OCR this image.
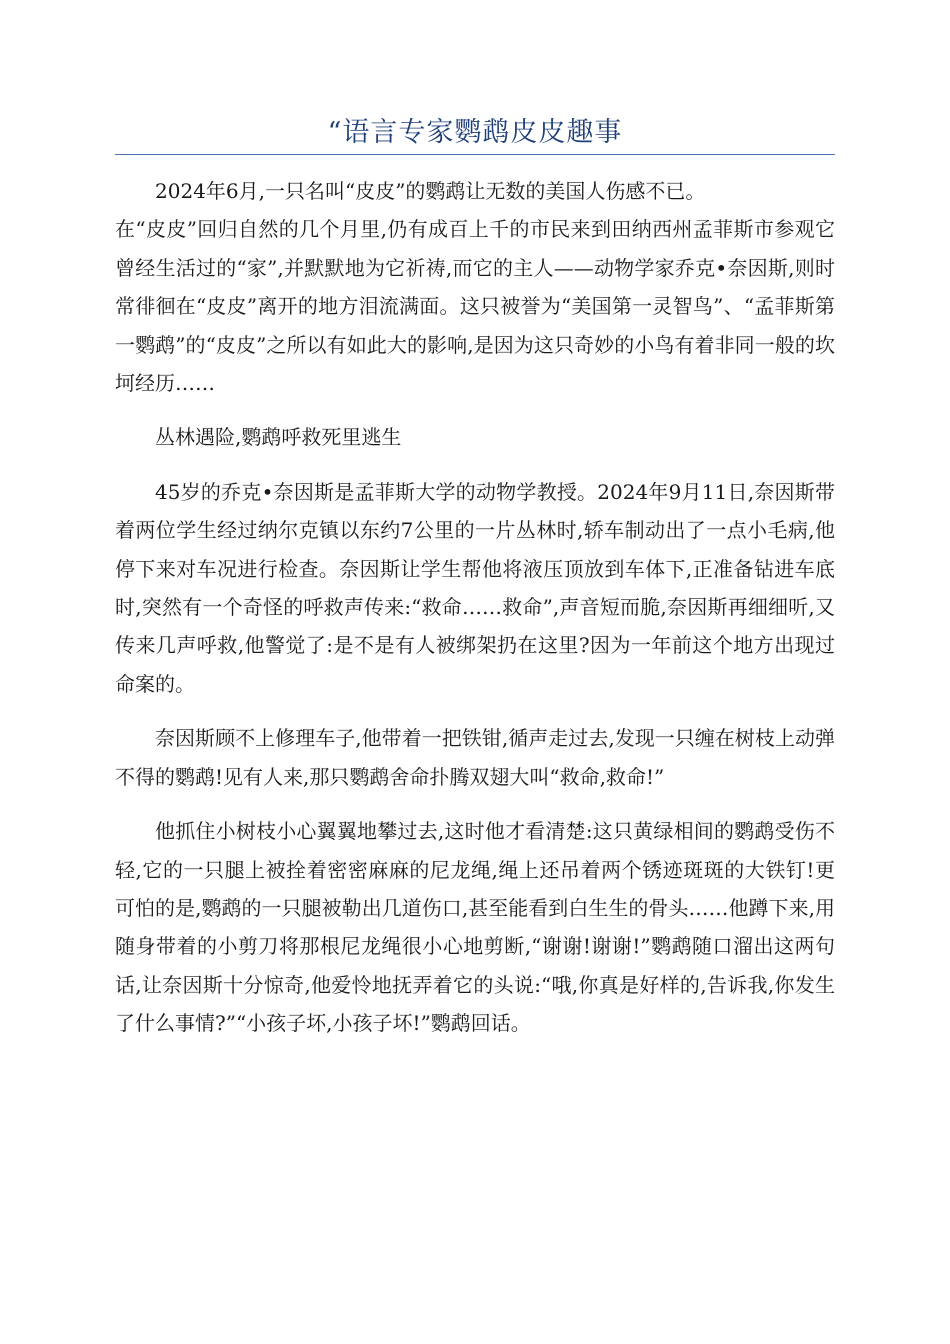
“语言专家鹦鹉皮皮趣事

2024年6月,一只名叫“皮皮”的鹦鹉让无数的美国人伤感不已。

在“皮皮”回归自然的几个月里,仍有成百上千的市民来到田纳西州孟菲斯市参观它曾经生活过的“家”,并默默地为它祈祷,而它的主人——动物学家乔克•奈因斯,则时常徘徊在“皮皮”离开的地方泪流满面。这只被誉为“美国第一灵智鸟”、“孟菲斯第一鹦鹉”的“皮皮”之所以有如此大的影响,是因为这只奇妙的小鸟有着非同一般的坎坷经历……

丛林遇险,鹦鹉呼救死里逃生

45岁的乔克•奈因斯是孟菲斯大学的动物学教授。2024年9月11日,奈因斯带着两位学生经过纳尔克镇以东约7公里的一片丛林时,轿车制动出了一点小毛病,他停下来对车况进行检查。奈因斯让学生帮他将液压顶放到车体下,正准备钻进车底时,突然有一个奇怪的呼救声传来:“救命……救命”,声音短而脆,奈因斯再细细听,又传来几声呼救,他警觉了:是不是有人被绑架扔在这里?因为一年前这个地方出现过命案的。

奈因斯顾不上修理车子,他带着一把铁钳,循声走过去,发现一只缠在树枝上动弹不得的鹦鹉!见有人来,那只鹦鹉舍命扑腾双翅大叫“救命,救命!”

他抓住小树枝小心翼翼地攀过去,这时他才看清楚:这只黄绿相间的鹦鹉受伤不轻,它的一只腿上被拴着密密麻麻的尼龙绳,绳上还吊着两个锈迹斑斑的大铁钉!更可怕的是,鹦鹉的一只腿被勒出几道伤口,甚至能看到白生生的骨头……他蹲下来,用随身带着的小剪刀将那根尼龙绳很小心地剪断,“谢谢!谢谢!”鹦鹉随口溜出这两句话,让奈因斯十分惊奇,他爱怜地抚弄着它的头说:“哦,你真是好样的,告诉我,你发生了什么事情?”“小孩子坏,小孩子坏!”鹦鹉回话。
